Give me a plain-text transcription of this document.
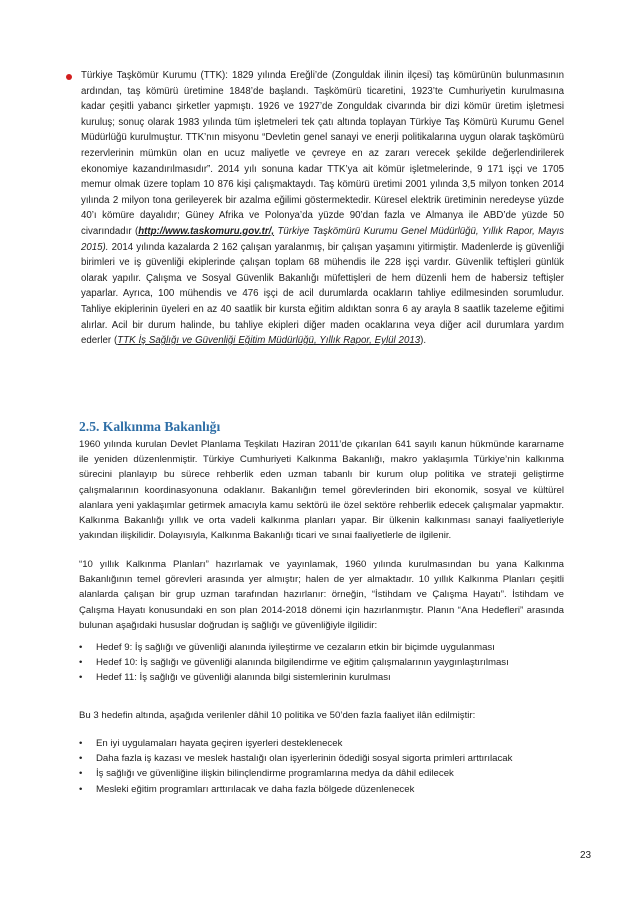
Türkiye Taşkömür Kurumu (TTK): 1829 yılında Ereğli’de (Zonguldak ilinin ilçesi) taş kömürünün bulunmasının ardından, taş kömürü üretimine 1848’de başlandı. Taşkömürü ticaretini, 1923’te Cumhuriyetin kurulmasına kadar çeşitli yabancı şirketler yapmıştı. 1926 ve 1927’de Zonguldak civarında bir dizi kömür üretim işletmesi kuruluş; sonuç olarak 1983 yılında tüm işletmeleri tek çatı altında toplayan Türkiye Taş Kömürü Kurumu Genel Müdürlüğü kurulmuştur. TTK’nın misyonu “Devletin genel sanayi ve enerji politikalarına uygun olarak taşkömürü rezervlerinin mümkün olan en ucuz maliyetle ve çevreye en az zararı verecek şekilde değerlendirilerek ekonomiye kazandırılmasıdır”. 2014 yılı sonuna kadar TTK’ya ait kömür işletmelerinde, 9 171 işçi ve 1705 memur olmak üzere toplam 10 876 kişi çalışmaktaydı. Taş kömürü üretimi 2001 yılında 3,5 milyon tonken 2014 yılında 2 milyon tona gerileyerek bir azalma eğilimi göstermektedir. Küresel elektrik üretiminin neredeyse yüzde 40’ı kömüre dayalıdır; Güney Afrika ve Polonya’da yüzde 90’dan fazla ve Almanya ile ABD’de yüzde 50 civarındadır (http://www.taskomuru.gov.tr/, Türkiye Taşkömürü Kurumu Genel Müdürlüğü, Yıllık Rapor, Mayıs 2015). 2014 yılında kazalarda 2 162 çalışan yaralanmış, bir çalışan yaşamını yitirmiştir. Madenlerde iş güvenliği birimleri ve iş güvenliği ekiplerinde çalışan toplam 68 mühendis ile 228 işçi vardır. Güvenlik teftişleri günlük olarak yapılır. Çalışma ve Sosyal Güvenlik Bakanlığı müfettişleri de hem düzenli hem de habersiz teftişler yaparlar. Ayrıca, 100 mühendis ve 476 işçi de acil durumlarda ocakların tahliye edilmesinden sorumludur. Tahliye ekiplerinin üyeleri en az 40 saatlik bir kursta eğitim aldıktan sonra 6 ay arayla 8 saatlik tazeleme eğitimi alırlar. Acil bir durum halinde, bu tahliye ekipleri diğer maden ocaklarına veya diğer acil durumlara yardım ederler (TTK İş Sağlığı ve Güvenliği Eğitim Müdürlüğü, Yıllık Rapor, Eylül 2013).
2.5. Kalkınma Bakanlığı

1960 yılında kurulan Devlet Planlama Teşkilatı Haziran 2011’de çıkarılan 641 sayılı kanun hükmünde kararname ile yeniden düzenlenmiştir. Türkiye Cumhuriyeti Kalkınma Bakanlığı, makro yaklaşımla Türkiye’nin kalkınma sürecini planlayıp bu sürece rehberlik eden uzman tabanlı bir kurum olup politika ve strateji geliştirme çalışmalarının koordinasyonuna odaklanır. Bakanlığın temel görevlerinden biri ekonomik, sosyal ve kültürel alanlara yeni yaklaşımlar getirmek amacıyla kamu sektörü ile özel sektöre rehberlik edecek çalışmalar yapmaktır. Kalkınma Bakanlığı yıllık ve orta vadeli kalkınma planları yapar. Bir ülkenin kalkınması sanayi faaliyetleriyle yakından ilişkilidir. Dolayısıyla, Kalkınma Bakanlığı ticari ve sınai faaliyetlerle de ilgilenir.

“10 yıllık Kalkınma Planları” hazırlamak ve yayınlamak, 1960 yılında kurulmasından bu yana Kalkınma Bakanlığının temel görevleri arasında yer almıştır; halen de yer almaktadır. 10 yıllık Kalkınma Planları çeşitli alanlarda çalışan bir grup uzman tarafından hazırlanır: örneğin, “İstihdam ve Çalışma Hayatı”. İstihdam ve Çalışma Hayatı konusundaki en son plan 2014-2018 dönemi için hazırlanmıştır. Planın “Ana Hedefleri” arasında bulunan aşağıdaki hususlar doğrudan iş sağlığı ve güvenliğiyle ilgilidir:

• Hedef 9: İş sağlığı ve güvenliği alanında iyileştirme ve cezaların etkin bir biçimde uygulanması
• Hedef 10: İş sağlığı ve güvenliği alanında bilgilendirme ve eğitim çalışmalarının yaygınlaştırılması
• Hedef 11: İş sağlığı ve güvenliği alanında bilgi sistemlerinin kurulması

Bu 3 hedefin altında, aşağıda verilenler dâhil 10 politika ve 50’den fazla faaliyet ilân edilmiştir:

• En iyi uygulamaları hayata geçiren işyerleri desteklenecek
• Daha fazla iş kazası ve meslek hastalığı olan işyerlerinin ödediği sosyal sigorta primleri arttırılacak
• İş sağlığı ve güvenliğine ilişkin bilinçlendirme programlarına medya da dâhil edilecek
• Mesleki eğitim programları arttırılacak ve daha fazla bölgede düzenlenecek
23
